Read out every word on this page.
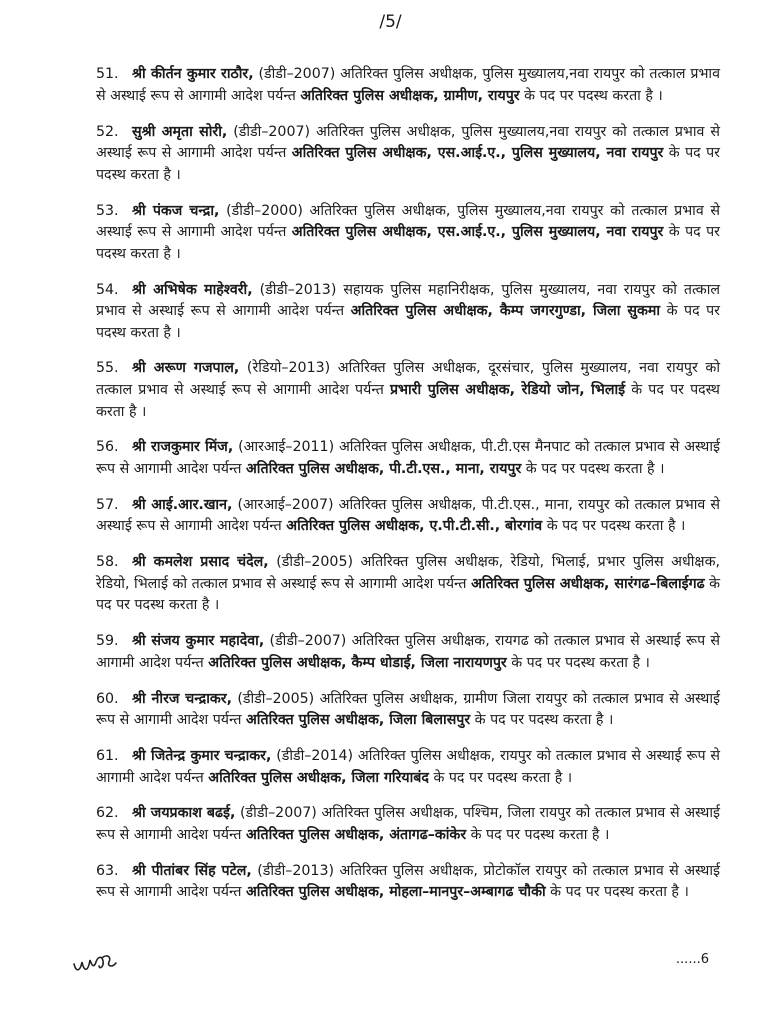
/5/

51. श्री कीर्तन कुमार राठौर, (डीडी–2007) अतिरिक्त पुलिस अधीक्षक, पुलिस मुख्यालय,नवा रायपुर को तत्काल प्रभाव से अस्थाई रूप से आगामी आदेश पर्यन्त अतिरिक्त पुलिस अधीक्षक, ग्रामीण, रायपुर के पद पर पदस्थ करता है ।

52. सुश्री अमृता सोरी, (डीडी–2007) अतिरिक्त पुलिस अधीक्षक, पुलिस मुख्यालय,नवा रायपुर को तत्काल प्रभाव से अस्थाई रूप से आगामी आदेश पर्यन्त अतिरिक्त पुलिस अधीक्षक, एस.आई.ए., पुलिस मुख्यालय, नवा रायपुर के पद पर पदस्थ करता है ।

53. श्री पंकज चन्द्रा, (डीडी–2000) अतिरिक्त पुलिस अधीक्षक, पुलिस मुख्यालय,नवा रायपुर को तत्काल प्रभाव से अस्थाई रूप से आगामी आदेश पर्यन्त अतिरिक्त पुलिस अधीक्षक, एस.आई.ए., पुलिस मुख्यालय, नवा रायपुर के पद पर पदस्थ करता है ।

54. श्री अभिषेक माहेश्वरी, (डीडी–2013) सहायक पुलिस महानिरीक्षक, पुलिस मुख्यालय, नवा रायपुर को तत्काल प्रभाव से अस्थाई रूप से आगामी आदेश पर्यन्त अतिरिक्त पुलिस अधीक्षक, कैम्प जगरगुण्डा, जिला सुकमा के पद पर पदस्थ करता है ।

55. श्री अरूण गजपाल, (रेडियो–2013) अतिरिक्त पुलिस अधीक्षक, दूरसंचार, पुलिस मुख्यालय, नवा रायपुर को तत्काल प्रभाव से अस्थाई रूप से आगामी आदेश पर्यन्त प्रभारी पुलिस अधीक्षक, रेडियो जोन, भिलाई के पद पर पदस्थ करता है ।

56. श्री राजकुमार मिंज, (आरआई–2011) अतिरिक्त पुलिस अधीक्षक, पी.टी.एस मैनपाट को तत्काल प्रभाव से अस्थाई रूप से आगामी आदेश पर्यन्त अतिरिक्त पुलिस अधीक्षक, पी.टी.एस., माना, रायपुर के पद पर पदस्थ करता है ।

57. श्री आई.आर.खान, (आरआई–2007) अतिरिक्त पुलिस अधीक्षक, पी.टी.एस., माना, रायपुर को तत्काल प्रभाव से अस्थाई रूप से आगामी आदेश पर्यन्त अतिरिक्त पुलिस अधीक्षक, ए.पी.टी.सी., बोरगांव के पद पर पदस्थ करता है ।

58. श्री कमलेश प्रसाद चंदेल, (डीडी–2005) अतिरिक्त पुलिस अधीक्षक, रेडियो, भिलाई, प्रभार पुलिस अधीक्षक, रेडियो, भिलाई को तत्काल प्रभाव से अस्थाई रूप से आगामी आदेश पर्यन्त अतिरिक्त पुलिस अधीक्षक, सारंगढ–बिलाईगढ के पद पर पदस्थ करता है ।

59. श्री संजय कुमार महादेवा, (डीडी–2007) अतिरिक्त पुलिस अधीक्षक, रायगढ को तत्काल प्रभाव से अस्थाई रूप से आगामी आदेश पर्यन्त अतिरिक्त पुलिस अधीक्षक, कैम्प धोडाई, जिला नारायणपुर के पद पर पदस्थ करता है ।

60. श्री नीरज चन्द्राकर, (डीडी–2005) अतिरिक्त पुलिस अधीक्षक, ग्रामीण जिला रायपुर को तत्काल प्रभाव से अस्थाई रूप से आगामी आदेश पर्यन्त अतिरिक्त पुलिस अधीक्षक, जिला बिलासपुर के पद पर पदस्थ करता है ।

61. श्री जितेन्द्र कुमार चन्द्राकर, (डीडी–2014) अतिरिक्त पुलिस अधीक्षक, रायपुर को तत्काल प्रभाव से अस्थाई रूप से आगामी आदेश पर्यन्त अतिरिक्त पुलिस अधीक्षक, जिला गरियाबंद के पद पर पदस्थ करता है ।

62. श्री जयप्रकाश बढई, (डीडी–2007) अतिरिक्त पुलिस अधीक्षक, पश्चिम, जिला रायपुर को तत्काल प्रभाव से अस्थाई रूप से आगामी आदेश पर्यन्त अतिरिक्त पुलिस अधीक्षक, अंतागढ–कांकेर के पद पर पदस्थ करता है ।

63. श्री पीतांबर सिंह पटेल, (डीडी–2013) अतिरिक्त पुलिस अधीक्षक, प्रोटोकॉल रायपुर को तत्काल प्रभाव से अस्थाई रूप से आगामी आदेश पर्यन्त अतिरिक्त पुलिस अधीक्षक, मोहला–मानपुर–अम्बागढ चौकी के पद पर पदस्थ करता है ।

......6
